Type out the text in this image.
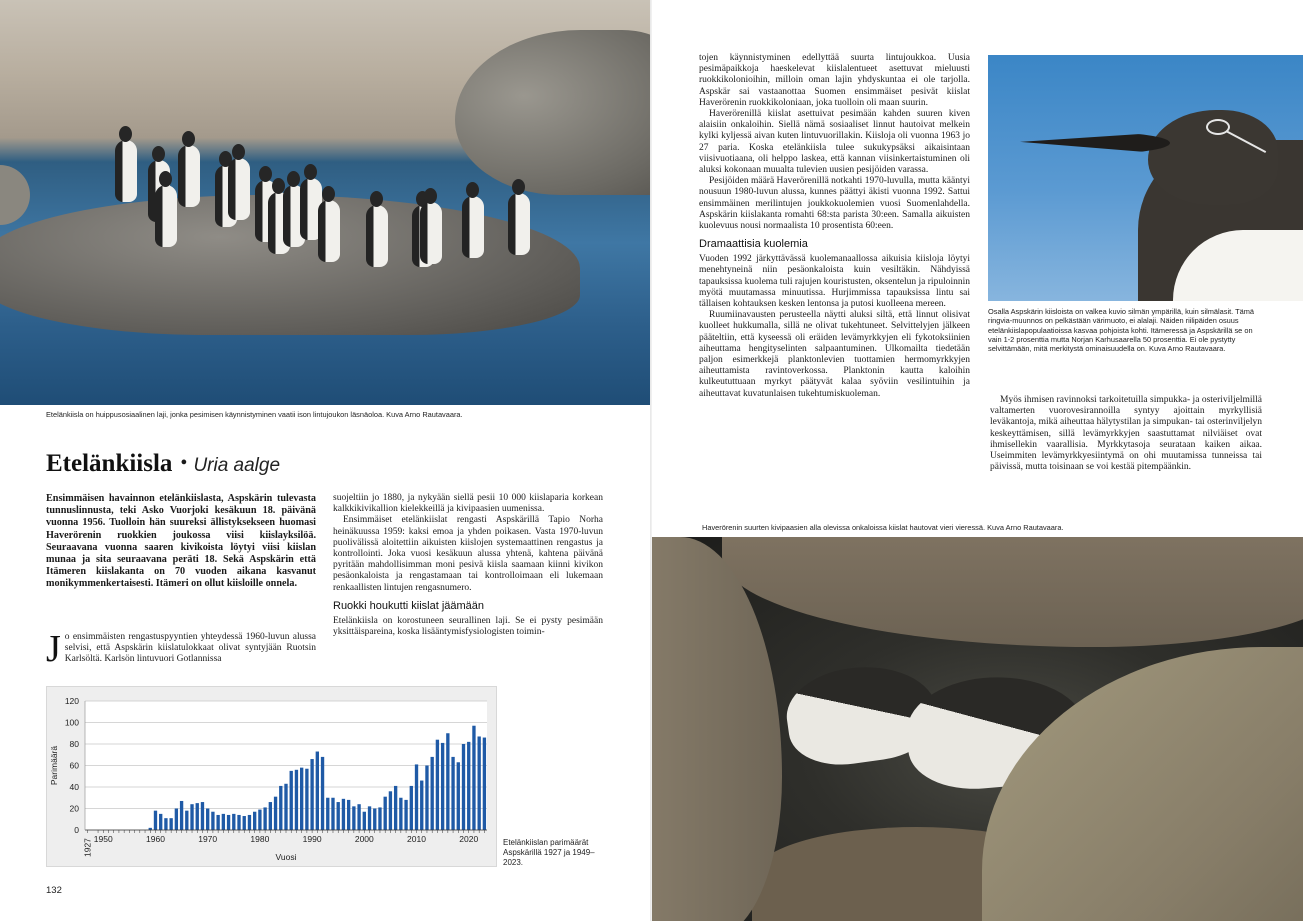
Etelänkiisla on huippusosiaalinen laji, jonka pesimisen käynnistyminen vaatii ison lintujoukon läsnäoloa. Kuva Arno Rautavaara.
Etelänkiisla • Uria aalge

Ensimmäisen havainnon etelänkiislasta, Aspskärin tulevasta tunnuslinnusta, teki Asko Vuorjoki kesäkuun 18. päivänä vuonna 1956. Tuolloin hän suureksi ällistyksekseen huomasi Haverörenin ruokkien joukossa viisi kiislayksilöä. Seuraavana vuonna saaren kivikoista löytyi viisi kiislan munaa ja sita seuraavana peräti 18. Sekä Aspskärin että Itämeren kiislakanta on 70 vuoden aikana kasvanut monikymmenkertaisesti. Itämeri on ollut kiisloille onnela.

Jo ensimmäisten rengastuspyyntien yhteydessä 1960-luvun alussa selvisi, että Aspskärin kiislatulokkaat olivat syntyjään Ruotsin Karlsöltä. Karlsön lintuvuori Gotlannissa

suojeltiin jo 1880, ja nykyään siellä pesii 10 000 kiislaparia korkean kalkkikivikallion kielekkeillä ja kivipaasien uumenissa.

Ensimmäiset etelänkiislat rengasti Aspskärillä Tapio Norha heinäkuussa 1959: kaksi emoa ja yhden poikasen. Vasta 1970-luvun puolivälissä aloitettiin aikuisten kiislojen systemaattinen rengastus ja kontrollointi. Joka vuosi kesäkuun alussa yhtenä, kahtena päivänä pyritään mahdollisimman moni pesivä kiisla saamaan kiinni kivikon pesäonkaloista ja rengastamaan tai kontrolloimaan eli lukemaan renkaallisten lintujen rengasnumero.

Ruokki houkutti kiislat jäämään

Etelänkiisla on korostuneen seurallinen laji. Se ei pysty pesimään yksittäispareina, koska lisääntymisfysiologisten toimin-

0
20
40
60
80
100
120
1927 1950	1960	1970	1980	1990	2000	2010	2020
Vuosi
Parimäärä
Etelänkiislan parimäärät Aspskärillä 1927 ja 1949–2023.
132

tojen käynnistyminen edellyttää suurta lintujoukkoa. Uusia pesimäpaikkoja haeskelevat kiislalentueet asettuvat mieluusti ruokkikolonioihin, milloin oman lajin yhdyskuntaa ei ole tarjolla. Aspskär sai vastaanottaa Suomen ensimmäiset pesivät kiislat Haverörenin ruokkikoloniaan, joka tuolloin oli maan suurin.

Haverörenillä kiislat asettuivat pesimään kahden suuren kiven alaisiin onkaloihin. Siellä nämä sosiaaliset linnut hautoivat melkein kylki kyljessä aivan kuten lintuvuorillakin. Kiisloja oli vuonna 1963 jo 27 paria. Koska etelänkiisla tulee sukukypsäksi aikaisintaan viisivuotiaana, oli helppo laskea, että kannan viisinkertaistuminen oli aluksi kokonaan muualta tulevien uusien pesijöiden varassa.

Pesijöiden määrä Haverörenillä notkahti 1970-luvulla, mutta kääntyi nousuun 1980-luvun alussa, kunnes päättyi äkisti vuonna 1992. Sattui ensimmäinen merilintujen joukkokuolemien vuosi Suomenlahdella. Aspskärin kiislakanta romahti 68:sta parista 30:een. Samalla aikuisten kuolevuus nousi normaalista 10 prosentista 60:een.

Dramaattisia kuolemia

Vuoden 1992 järkyttävässä kuolemanaallossa aikuisia kiisloja löytyi menehtyneinä niin pesäonkaloista kuin vesiltäkin. Nähdyissä tapauksissa kuolema tuli rajujen kouristusten, oksentelun ja ripuloinnin myötä muutamassa minuutissa. Hurjimmissa tapauksissa lintu sai tällaisen kohtauksen kesken lentonsa ja putosi kuolleena mereen.

Ruumiinavausten perusteella näytti aluksi siltä, että linnut olisivat kuolleet hukkumalla, sillä ne olivat tukehtuneet. Selvittelyjen jälkeen pääteltiin, että kyseessä oli eräiden levämyrkkyjen eli fykotoksiinien aiheuttama hengityselinten salpaantuminen. Ulkomailta tiedetään paljon esimerkkejä planktonlevien tuottamien hermomyrkkyjen aiheuttamista ravintoverkossa. Planktonin kautta kaloihin kulkeututtuaan myrkyt päätyvät kalaa syöviin vesilintuihin ja aiheuttavat kuvatunlaisen tukehtumiskuoleman.

Osalla Aspskärin kiisloista on valkea kuvio silmän ympärillä, kuin silmälasit. Tämä ringvia-muunnos on pelkästään värimuoto, ei alalaji. Näiden riilipäiden osuus etelänkiislapopulaatioissa kasvaa pohjoista kohti. Itämeressä ja Aspskärillä se on vain 1-2 prosenttia mutta Norjan Karhusaarella 50 prosenttia. Ei ole pystytty selvittämään, mitä merkitystä ominaisuudella on. Kuva Arno Rautavaara.

Myös ihmisen ravinnoksi tarkoitetuilla simpukka- ja osteriviljelmillä valtamerten vuorovesirannoilla syntyy ajoittain myrkyllisiä leväkantoja, mikä aiheuttaa hälytystilan ja simpukan- tai osterinviljelyn keskeyttämisen, sillä levämyrkkyjen saastuttamat nilviäiset ovat ihmisellekin vaarallisia. Myrkkytasoja seurataan kaiken aikaa. Useimmiten levämyrkkyesiintymä on ohi muutamissa tunneissa tai päivissä, mutta toisinaan se voi kestää pitempäänkin.

Haverörenin suurten kivipaasien alla olevissa onkaloissa kiislat hautovat vieri vieressä. Kuva Arno Rautavaara.
